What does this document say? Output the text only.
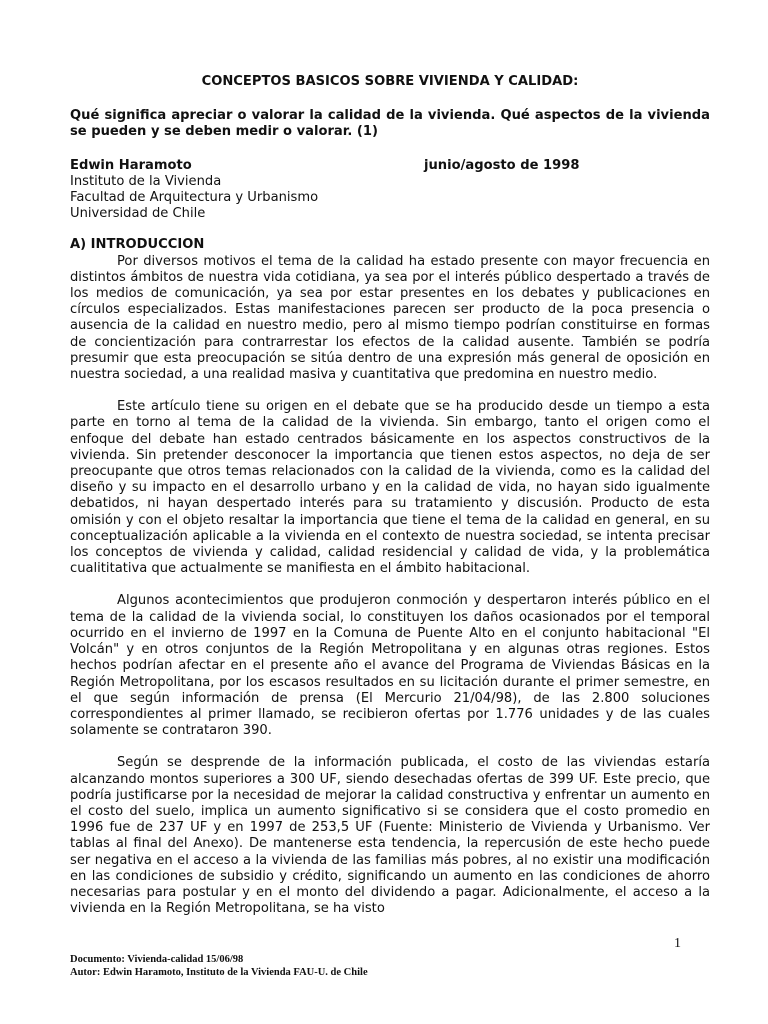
CONCEPTOS BASICOS SOBRE VIVIENDA Y CALIDAD:
Qué significa apreciar o valorar la calidad de la vivienda. Qué aspectos de la vivienda se pueden y se deben medir o valorar. (1)
Edwin Haramoto	junio/agosto de 1998
Instituto de la Vivienda
Facultad de Arquitectura y Urbanismo
Universidad de Chile
A) INTRODUCCION

Por diversos motivos el tema de la calidad ha estado presente con mayor frecuencia en distintos ámbitos de nuestra vida cotidiana, ya sea por el interés público despertado a través de los medios de comunicación, ya sea por estar presentes en los debates y publicaciones en círculos especializados. Estas manifestaciones parecen ser producto de la poca presencia o ausencia de la calidad en nuestro medio, pero al mismo tiempo podrían constituirse en formas de concientización para contrarrestar los efectos de la calidad ausente. También se podría presumir que esta preocupación se sitúa dentro de una expresión más general de oposición en nuestra sociedad, a una realidad masiva y cuantitativa que predomina en nuestro medio.

Este artículo tiene su origen en el debate que se ha producido desde un tiempo a esta parte en torno al tema de la calidad de la vivienda. Sin embargo, tanto el origen como el enfoque del debate han estado centrados básicamente en los aspectos constructivos de la vivienda. Sin pretender desconocer la importancia que tienen estos aspectos, no deja de ser preocupante que otros temas relacionados con la calidad de la vivienda, como es la calidad del diseño y su impacto en el desarrollo urbano y en la calidad de vida, no hayan sido igualmente debatidos, ni hayan despertado interés para su tratamiento y discusión. Producto de esta omisión y con el objeto resaltar la importancia que tiene el tema de la calidad en general, en su conceptualización aplicable a la vivienda en el contexto de nuestra sociedad, se intenta precisar los conceptos de vivienda y calidad, calidad residencial y calidad de vida, y la problemática cualititativa que actualmente se manifiesta en el ámbito habitacional.

Algunos acontecimientos que produjeron conmoción y despertaron interés público en el tema de la calidad de la vivienda social, lo constituyen los daños ocasionados por el temporal ocurrido en el invierno de 1997 en la Comuna de Puente Alto en el conjunto habitacional "El Volcán" y en otros conjuntos de la Región Metropolitana y en algunas otras regiones. Estos hechos podrían afectar en el presente año el avance del Programa de Viviendas Básicas en la Región Metropolitana, por los escasos resultados en su licitación durante el primer semestre, en el que según información de prensa (El Mercurio 21/04/98), de las 2.800 soluciones correspondientes al primer llamado, se recibieron ofertas por 1.776 unidades y de las cuales solamente se contrataron 390.

Según se desprende de la información publicada, el costo de las viviendas estaría alcanzando montos superiores a 300 UF, siendo desechadas ofertas de 399 UF. Este precio, que podría justificarse por la necesidad de mejorar la calidad constructiva y enfrentar un aumento en el costo del suelo, implica un aumento significativo si se considera que el costo promedio en 1996 fue de 237 UF y en 1997 de 253,5 UF (Fuente: Ministerio de Vivienda y Urbanismo. Ver tablas al final del Anexo). De mantenerse esta tendencia, la repercusión de este hecho puede ser negativa en el acceso a la vivienda de las familias más pobres, al no existir una modificación en las condiciones de subsidio y crédito, significando un aumento en las condiciones de ahorro necesarias para postular y en el monto del dividendo a pagar. Adicionalmente, el acceso a la vivienda en la Región Metropolitana, se ha visto

1
Documento: Vivienda-calidad 15/06/98
Autor: Edwin Haramoto, Instituto de la Vivienda FAU-U. de Chile
